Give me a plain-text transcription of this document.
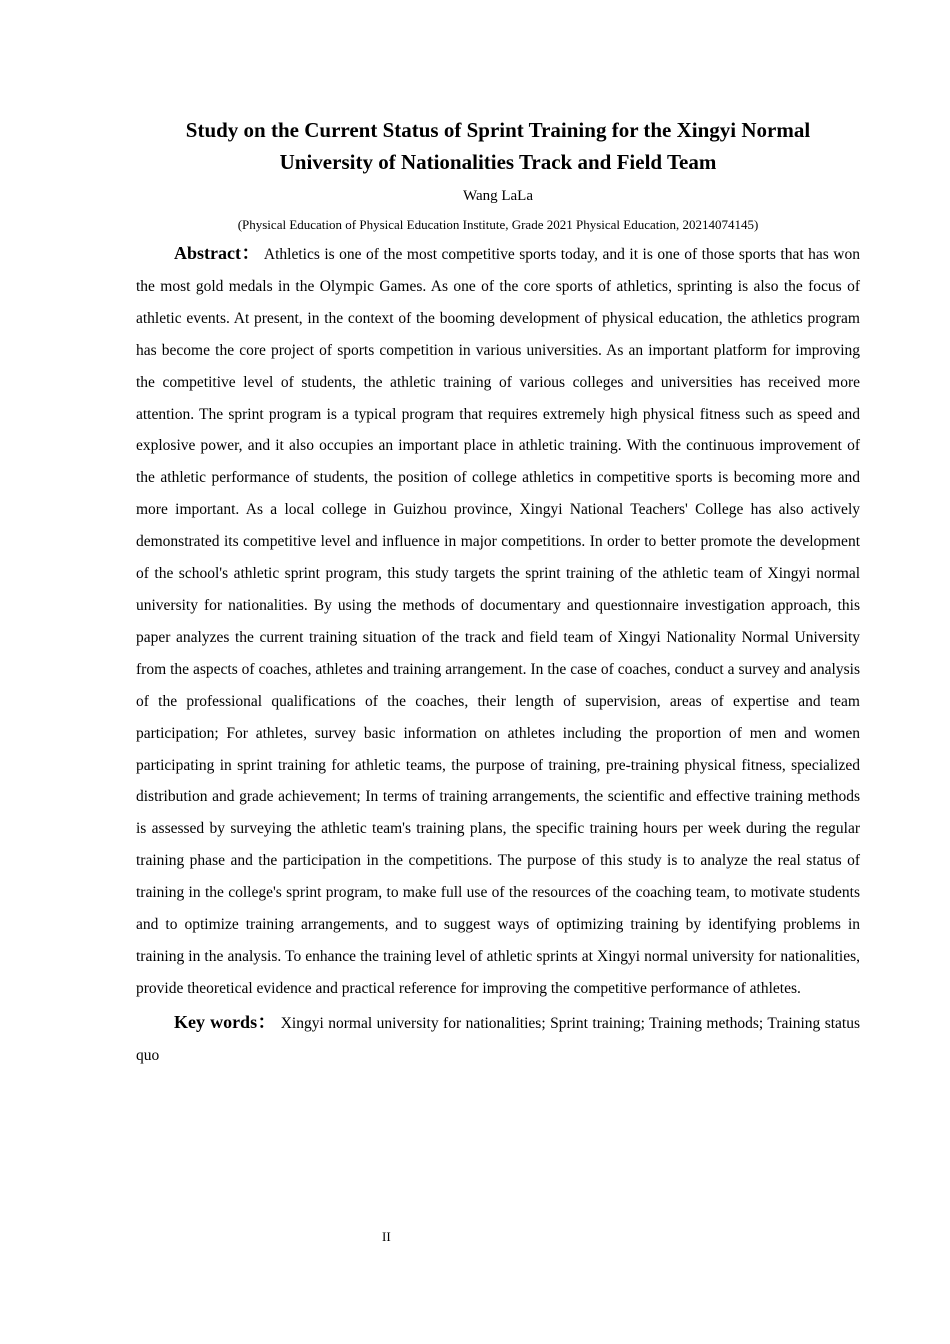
Study on the Current Status of Sprint Training for the Xingyi Normal
University of Nationalities Track and Field Team
Wang LaLa
(Physical Education of Physical Education Institute, Grade 2021 Physical Education, 20214074145)

Abstract： Athletics is one of the most competitive sports today, and it is one of those sports that has won the most gold medals in the Olympic Games. As one of the core sports of athletics, sprinting is also the focus of athletic events. At present, in the context of the booming development of physical education, the athletics program has become the core project of sports competition in various universities. As an important platform for improving the competitive level of students, the athletic training of various colleges and universities has received more attention. The sprint program is a typical program that requires extremely high physical fitness such as speed and explosive power, and it also occupies an important place in athletic training. With the continuous improvement of the athletic performance of students, the position of college athletics in competitive sports is becoming more and more important. As a local college in Guizhou province, Xingyi National Teachers' College has also actively demonstrated its competitive level and influence in major competitions. In order to better promote the development of the school's athletic sprint program, this study targets the sprint training of the athletic team of Xingyi normal university for nationalities. By using the methods of documentary and questionnaire investigation approach, this paper analyzes the current training situation of the track and field team of Xingyi Nationality Normal University from the aspects of coaches, athletes and training arrangement. In the case of coaches, conduct a survey and analysis of the professional qualifications of the coaches, their length of supervision, areas of expertise and team participation; For athletes, survey basic information on athletes including the proportion of men and women participating in sprint training for athletic teams, the purpose of training, pre-training physical fitness, specialized distribution and grade achievement; In terms of training arrangements, the scientific and effective training methods is assessed by surveying the athletic team's training plans, the specific training hours per week during the regular training phase and the participation in the competitions. The purpose of this study is to analyze the real status of training in the college's sprint program, to make full use of the resources of the coaching team, to motivate students and to optimize training arrangements, and to suggest ways of optimizing training by identifying problems in training in the analysis. To enhance the training level of athletic sprints at Xingyi normal university for nationalities, provide theoretical evidence and practical reference for improving the competitive performance of athletes.

Key words： Xingyi normal university for nationalities; Sprint training; Training methods; Training status quo

II
